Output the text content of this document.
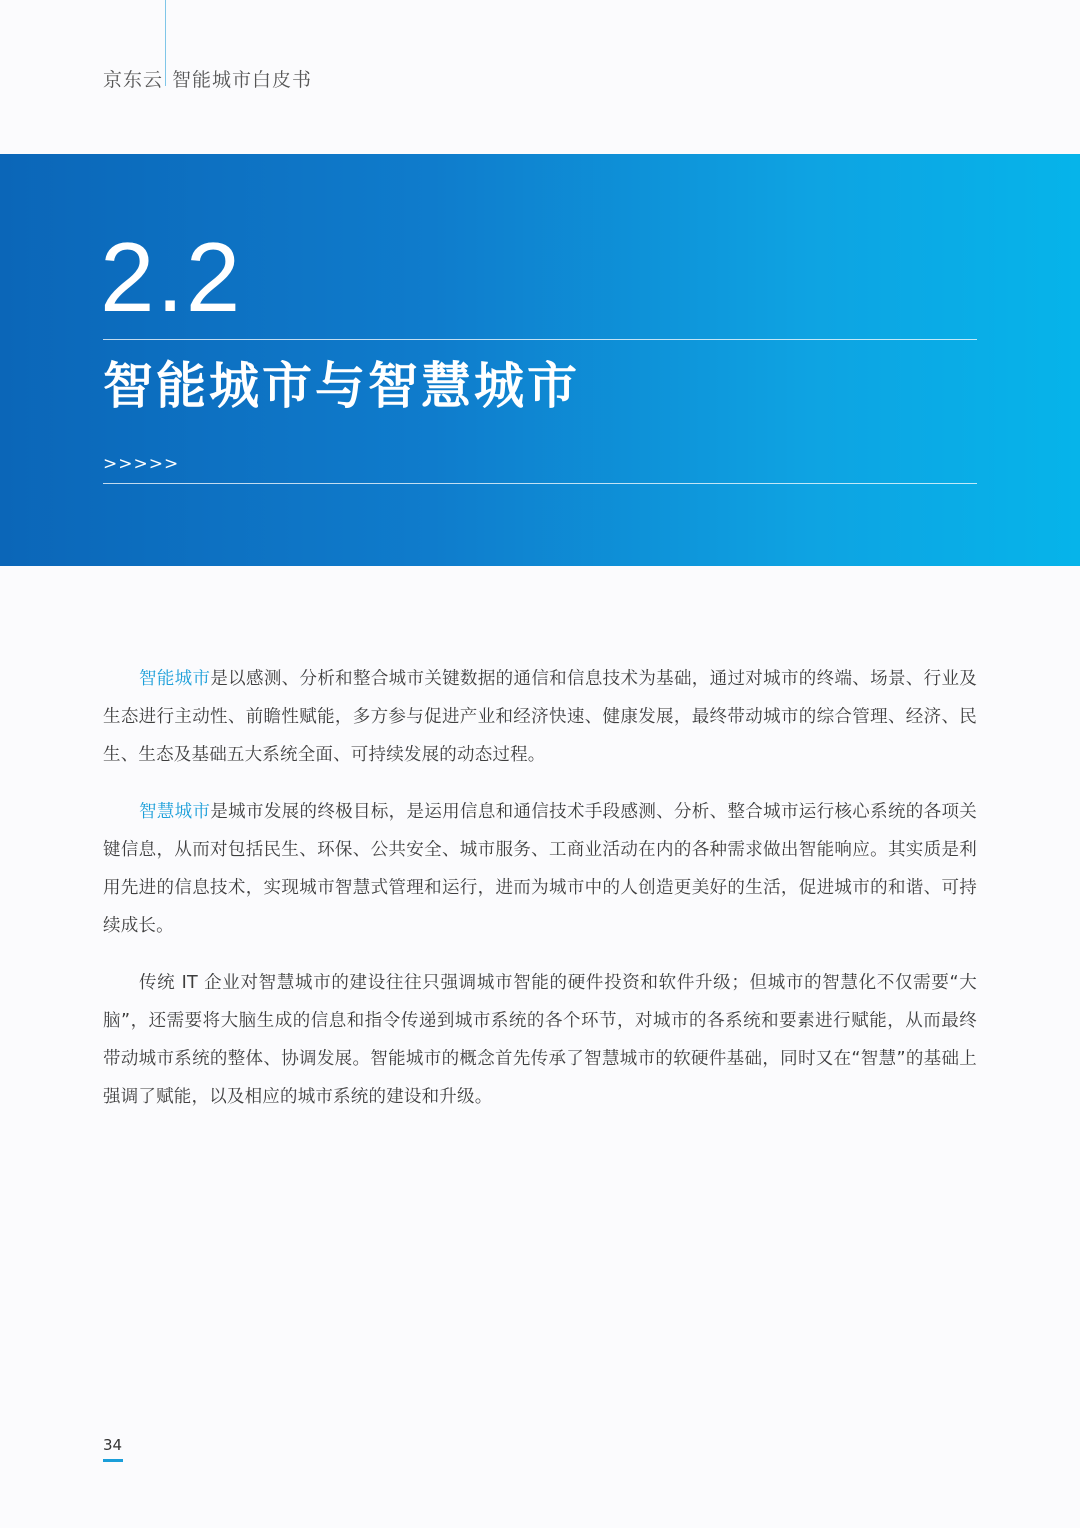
京东云 智能城市白皮书
2.2
智能城市与智慧城市
>>>>>

智能城市是以感测、分析和整合城市关键数据的通信和信息技术为基础，通过对城市的终端、场景、行业及生态进行主动性、前瞻性赋能，多方参与促进产业和经济快速、健康发展，最终带动城市的综合管理、经济、民生、生态及基础五大系统全面、可持续发展的动态过程。

智慧城市是城市发展的终极目标，是运用信息和通信技术手段感测、分析、整合城市运行核心系统的各项关键信息，从而对包括民生、环保、公共安全、城市服务、工商业活动在内的各种需求做出智能响应。其实质是利用先进的信息技术，实现城市智慧式管理和运行，进而为城市中的人创造更美好的生活，促进城市的和谐、可持续成长。

传统 IT 企业对智慧城市的建设往往只强调城市智能的硬件投资和软件升级；但城市的智慧化不仅需要“大脑”，还需要将大脑生成的信息和指令传递到城市系统的各个环节，对城市的各系统和要素进行赋能，从而最终带动城市系统的整体、协调发展。智能城市的概念首先传承了智慧城市的软硬件基础，同时又在“智慧”的基础上强调了赋能，以及相应的城市系统的建设和升级。

34
